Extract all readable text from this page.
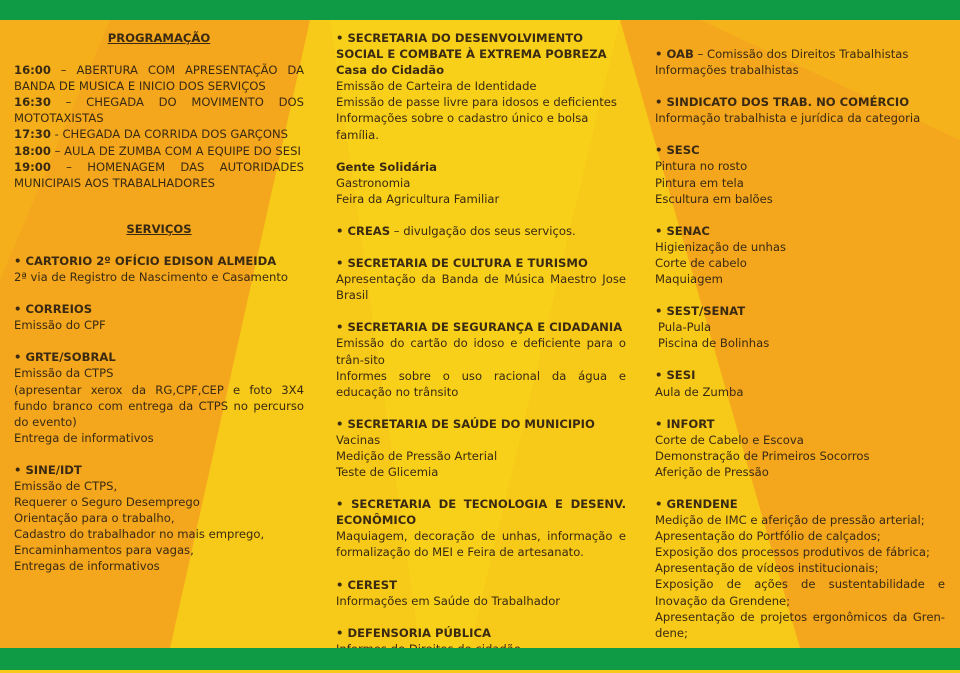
PROGRAMAÇÃO
16:00 – ABERTURA COM APRESENTAÇÃO DA BANDA DE MUSICA E INICIO DOS SERVIÇOS
16:30 – CHEGADA DO MOVIMENTO DOS MOTOTAXISTAS
17:30 - CHEGADA DA CORRIDA DOS GARÇONS
18:00 – AULA DE ZUMBA COM A EQUIPE DO SESI
19:00 – HOMENAGEM DAS AUTORIDADES MUNICIPAIS AOS TRABALHADORES
SERVIÇOS
• CARTORIO 2º OFÍCIO EDISON ALMEIDA
2ª via de Registro de Nascimento e Casamento
• CORREIOS
Emissão do CPF
• GRTE/SOBRAL
Emissão da CTPS
(apresentar xerox da RG,CPF,CEP e foto 3X4 fundo branco com entrega da CTPS no percurso do evento)
Entrega de informativos
• SINE/IDT
Emissão de CTPS,
Requerer o Seguro Desemprego
Orientação para o trabalho,
Cadastro do trabalhador no mais emprego,
Encaminhamentos para vagas,
Entregas de informativos
• SECRETARIA DO DESENVOLVIMENTO SOCIAL E COMBATE À EXTREMA POBREZA
Casa do Cidadão
Emissão de Carteira de Identidade
Emissão de passe livre para idosos e deficientes
Informações sobre o cadastro único e bolsa família.
Gente Solidária
Gastronomia
Feira da Agricultura Familiar
• CREAS – divulgação dos seus serviços.
• SECRETARIA DE CULTURA E TURISMO
Apresentação da Banda de Música Maestro Jose Brasil
• SECRETARIA DE SEGURANÇA E CIDADANIA
Emissão do cartão do idoso e deficiente para o trân-sito
Informes sobre o uso racional da água e educação no trânsito
• SECRETARIA DE SAÚDE DO MUNICIPIO
Vacinas
Medição de Pressão Arterial
Teste de Glicemia
• SECRETARIA DE TECNOLOGIA E DESENV. ECONÔMICO
Maquiagem, decoração de unhas, informação e formalização do MEI e Feira de artesanato.
• CEREST
Informações em Saúde do Trabalhador
• DEFENSORIA PÚBLICA
• OAB – Comissão dos Direitos Trabalhistas
Informações trabalhistas
• SINDICATO DOS TRAB. NO COMÉRCIO
Informação trabalhista e jurídica da categoria
• SESC
Pintura no rosto
Pintura em tela
Escultura em balões
• SENAC
Higienização de unhas
Corte de cabelo
Maquiagem
• SEST/SENAT
Pula-Pula
Piscina de Bolinhas
• SESI
Aula de Zumba
• INFORT
Corte de Cabelo e Escova
Demonstração de Primeiros Socorros
Aferição de Pressão
• GRENDENE
Medição de IMC e aferição de pressão arterial;
Apresentação do Portfólio de calçados;
Exposição dos processos produtivos de fábrica;
Apresentação de vídeos institucionais;
Exposição de ações de sustentabilidade e Inovação da Grendene;
Apresentação de projetos ergonômicos da Gren-dene;
